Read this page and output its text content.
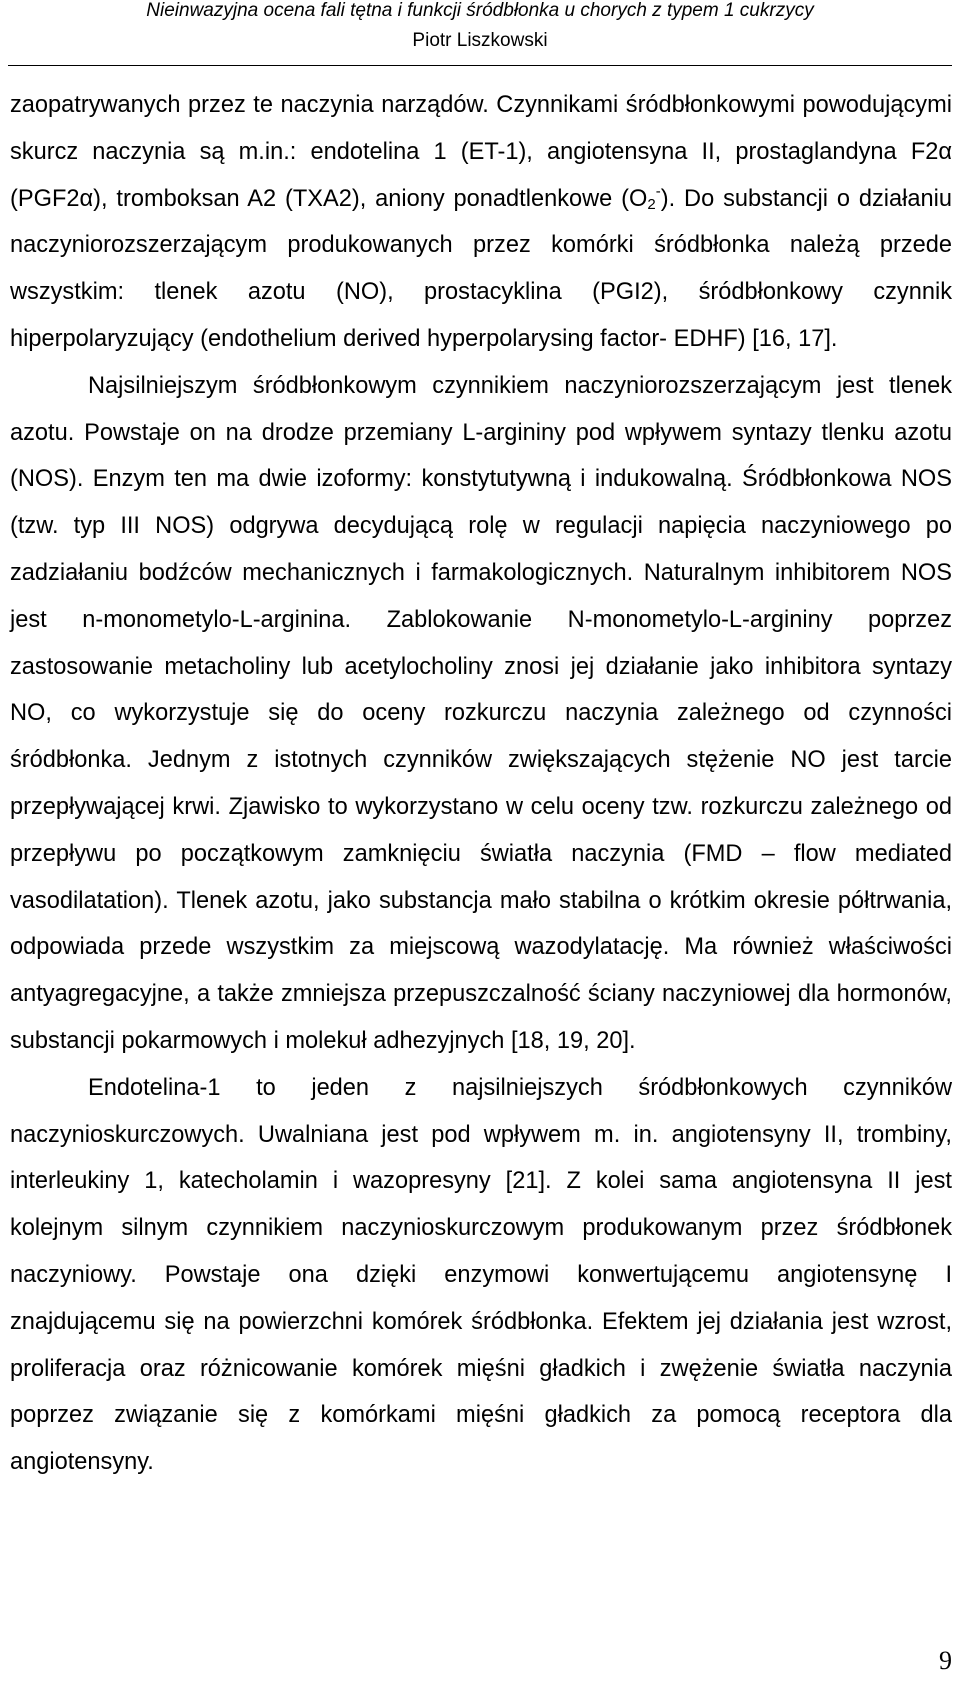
Nieinwazyjna ocena fali tętna i funkcji śródbłonka u chorych z typem 1 cukrzycy
Piotr Liszkowski

zaopatrywanych przez te naczynia narządów. Czynnikami śródbłonkowymi powodującymi skurcz naczynia są m.in.: endotelina 1 (ET-1), angiotensyna II, prostaglandyna F2α (PGF2α), tromboksan A2 (TXA2), aniony ponadtlenkowe $(O_2^-)$. Do substancji o działaniu naczyniorozszerzającym produkowanych przez komórki śródbłonka należą przede wszystkim: tlenek azotu (NO), prostacyklina (PGI2), śródbłonkowy czynnik hiperpolaryzujący (endothelium derived hyperpolarysing factor- EDHF) [16, 17].

Najsilniejszym śródbłonkowym czynnikiem naczyniorozszerzającym jest tlenek azotu. Powstaje on na drodze przemiany L-argininy pod wpływem syntazy tlenku azotu (NOS). Enzym ten ma dwie izoformy: konstytutywną i indukowalną. Śródbłonkowa NOS (tzw. typ III NOS) odgrywa decydującą rolę w regulacji napięcia naczyniowego po zadziałaniu bodźców mechanicznych i farmakologicznych. Naturalnym inhibitorem NOS jest n-monometylo-L-arginina. Zablokowanie N-monometylo-L-argininy poprzez zastosowanie metacholiny lub acetylocholiny znosi jej działanie jako inhibitora syntazy NO, co wykorzystuje się do oceny rozkurczu naczynia zależnego od czynności śródbłonka. Jednym z istotnych czynników zwiększających stężenie NO jest tarcie przepływającej krwi. Zjawisko to wykorzystano w celu oceny tzw. rozkurczu zależnego od przepływu po początkowym zamknięciu światła naczynia (FMD – flow mediated vasodilatation). Tlenek azotu, jako substancja mało stabilna o krótkim okresie półtrwania, odpowiada przede wszystkim za miejscową wazodylatację. Ma również właściwości antyagregacyjne, a także zmniejsza przepuszczalność ściany naczyniowej dla hormonów, substancji pokarmowych i molekuł adhezyjnych [18, 19, 20].

Endotelina-1 to jeden z najsilniejszych śródbłonkowych czynników naczynioskurczowych. Uwalniana jest pod wpływem m. in. angiotensyny II, trombiny, interleukiny 1, katecholamin i wazopresyny [21]. Z kolei sama angiotensyna II jest kolejnym silnym czynnikiem naczynioskurczowym produkowanym przez śródbłonek naczyniowy. Powstaje ona dzięki enzymowi konwertującemu angiotensynę I znajdującemu się na powierzchni komórek śródbłonka. Efektem jej działania jest wzrost, proliferacja oraz różnicowanie komórek mięśni gładkich i zwężenie światła naczynia poprzez związanie się z komórkami mięśni gładkich za pomocą receptora dla angiotensyny.

9
